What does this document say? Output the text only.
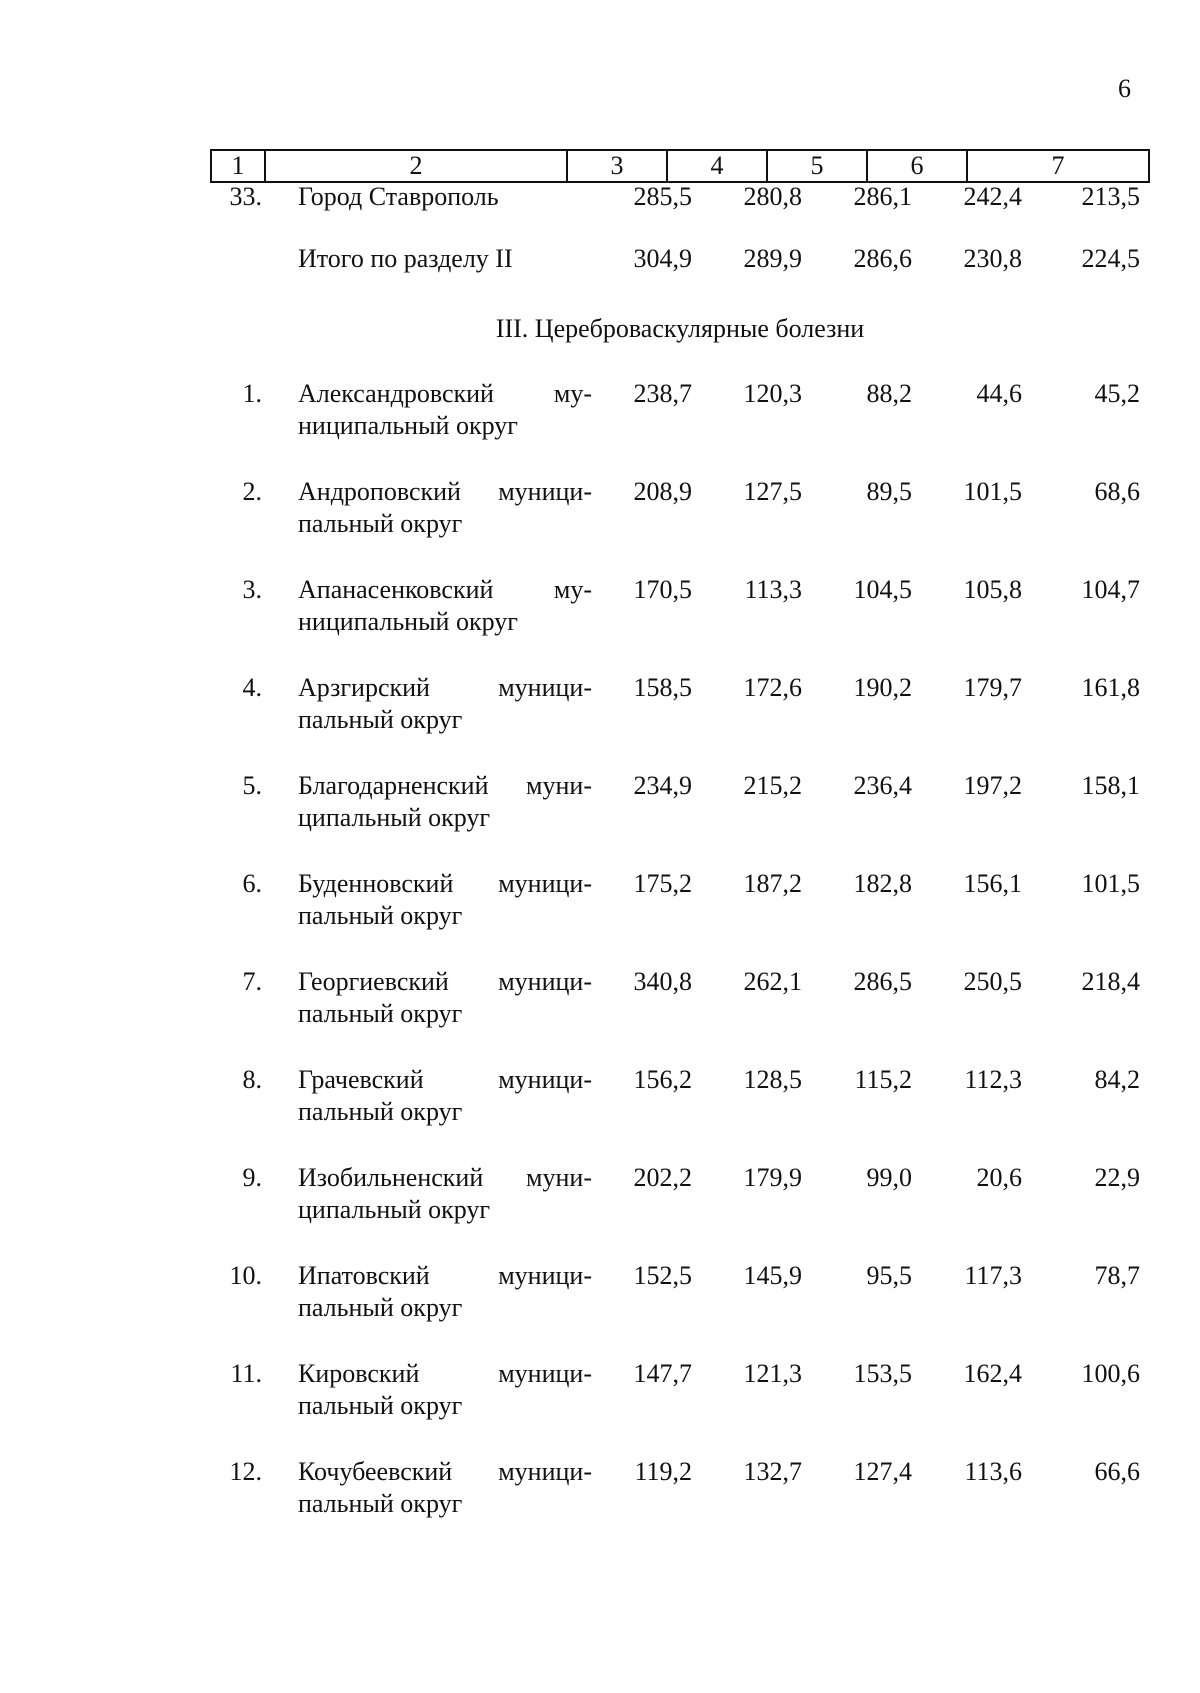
6
1	2	3	4	5	6	7
33. Город Ставрополь	285,5	280,8	286,1	242,4	213,5
Итого по разделу II	304,9	289,9	286,6	230,8	224,5
III. Цереброваскулярные болезни
1. Александровский му-
ниципальный округ
238,7	120,3	88,2	44,6	45,2
2. Андроповский муници-
пальный округ
208,9	127,5	89,5	101,5	68,6
3. Апанасенковский му-
ниципальный округ
170,5	113,3	104,5	105,8	104,7
4. Арзгирский муници-
пальный округ
158,5	172,6	190,2	179,7	161,8
5. Благодарненский муни-
ципальный округ
234,9	215,2	236,4	197,2	158,1
6. Буденновский муници-
пальный округ
175,2	187,2	182,8	156,1	101,5
7. Георгиевский муници-
пальный округ
340,8	262,1	286,5	250,5	218,4
8. Грачевский муници-
пальный округ
156,2	128,5	115,2	112,3	84,2
9. Изобильненский муни-
ципальный округ
202,2	179,9	99,0	20,6	22,9
10. Ипатовский муници-
пальный округ
152,5	145,9	95,5	117,3	78,7
11. Кировский муници-
пальный округ
147,7	121,3	153,5	162,4	100,6
12. Кочубеевский муници-
пальный округ
119,2	132,7	127,4	113,6	66,6
